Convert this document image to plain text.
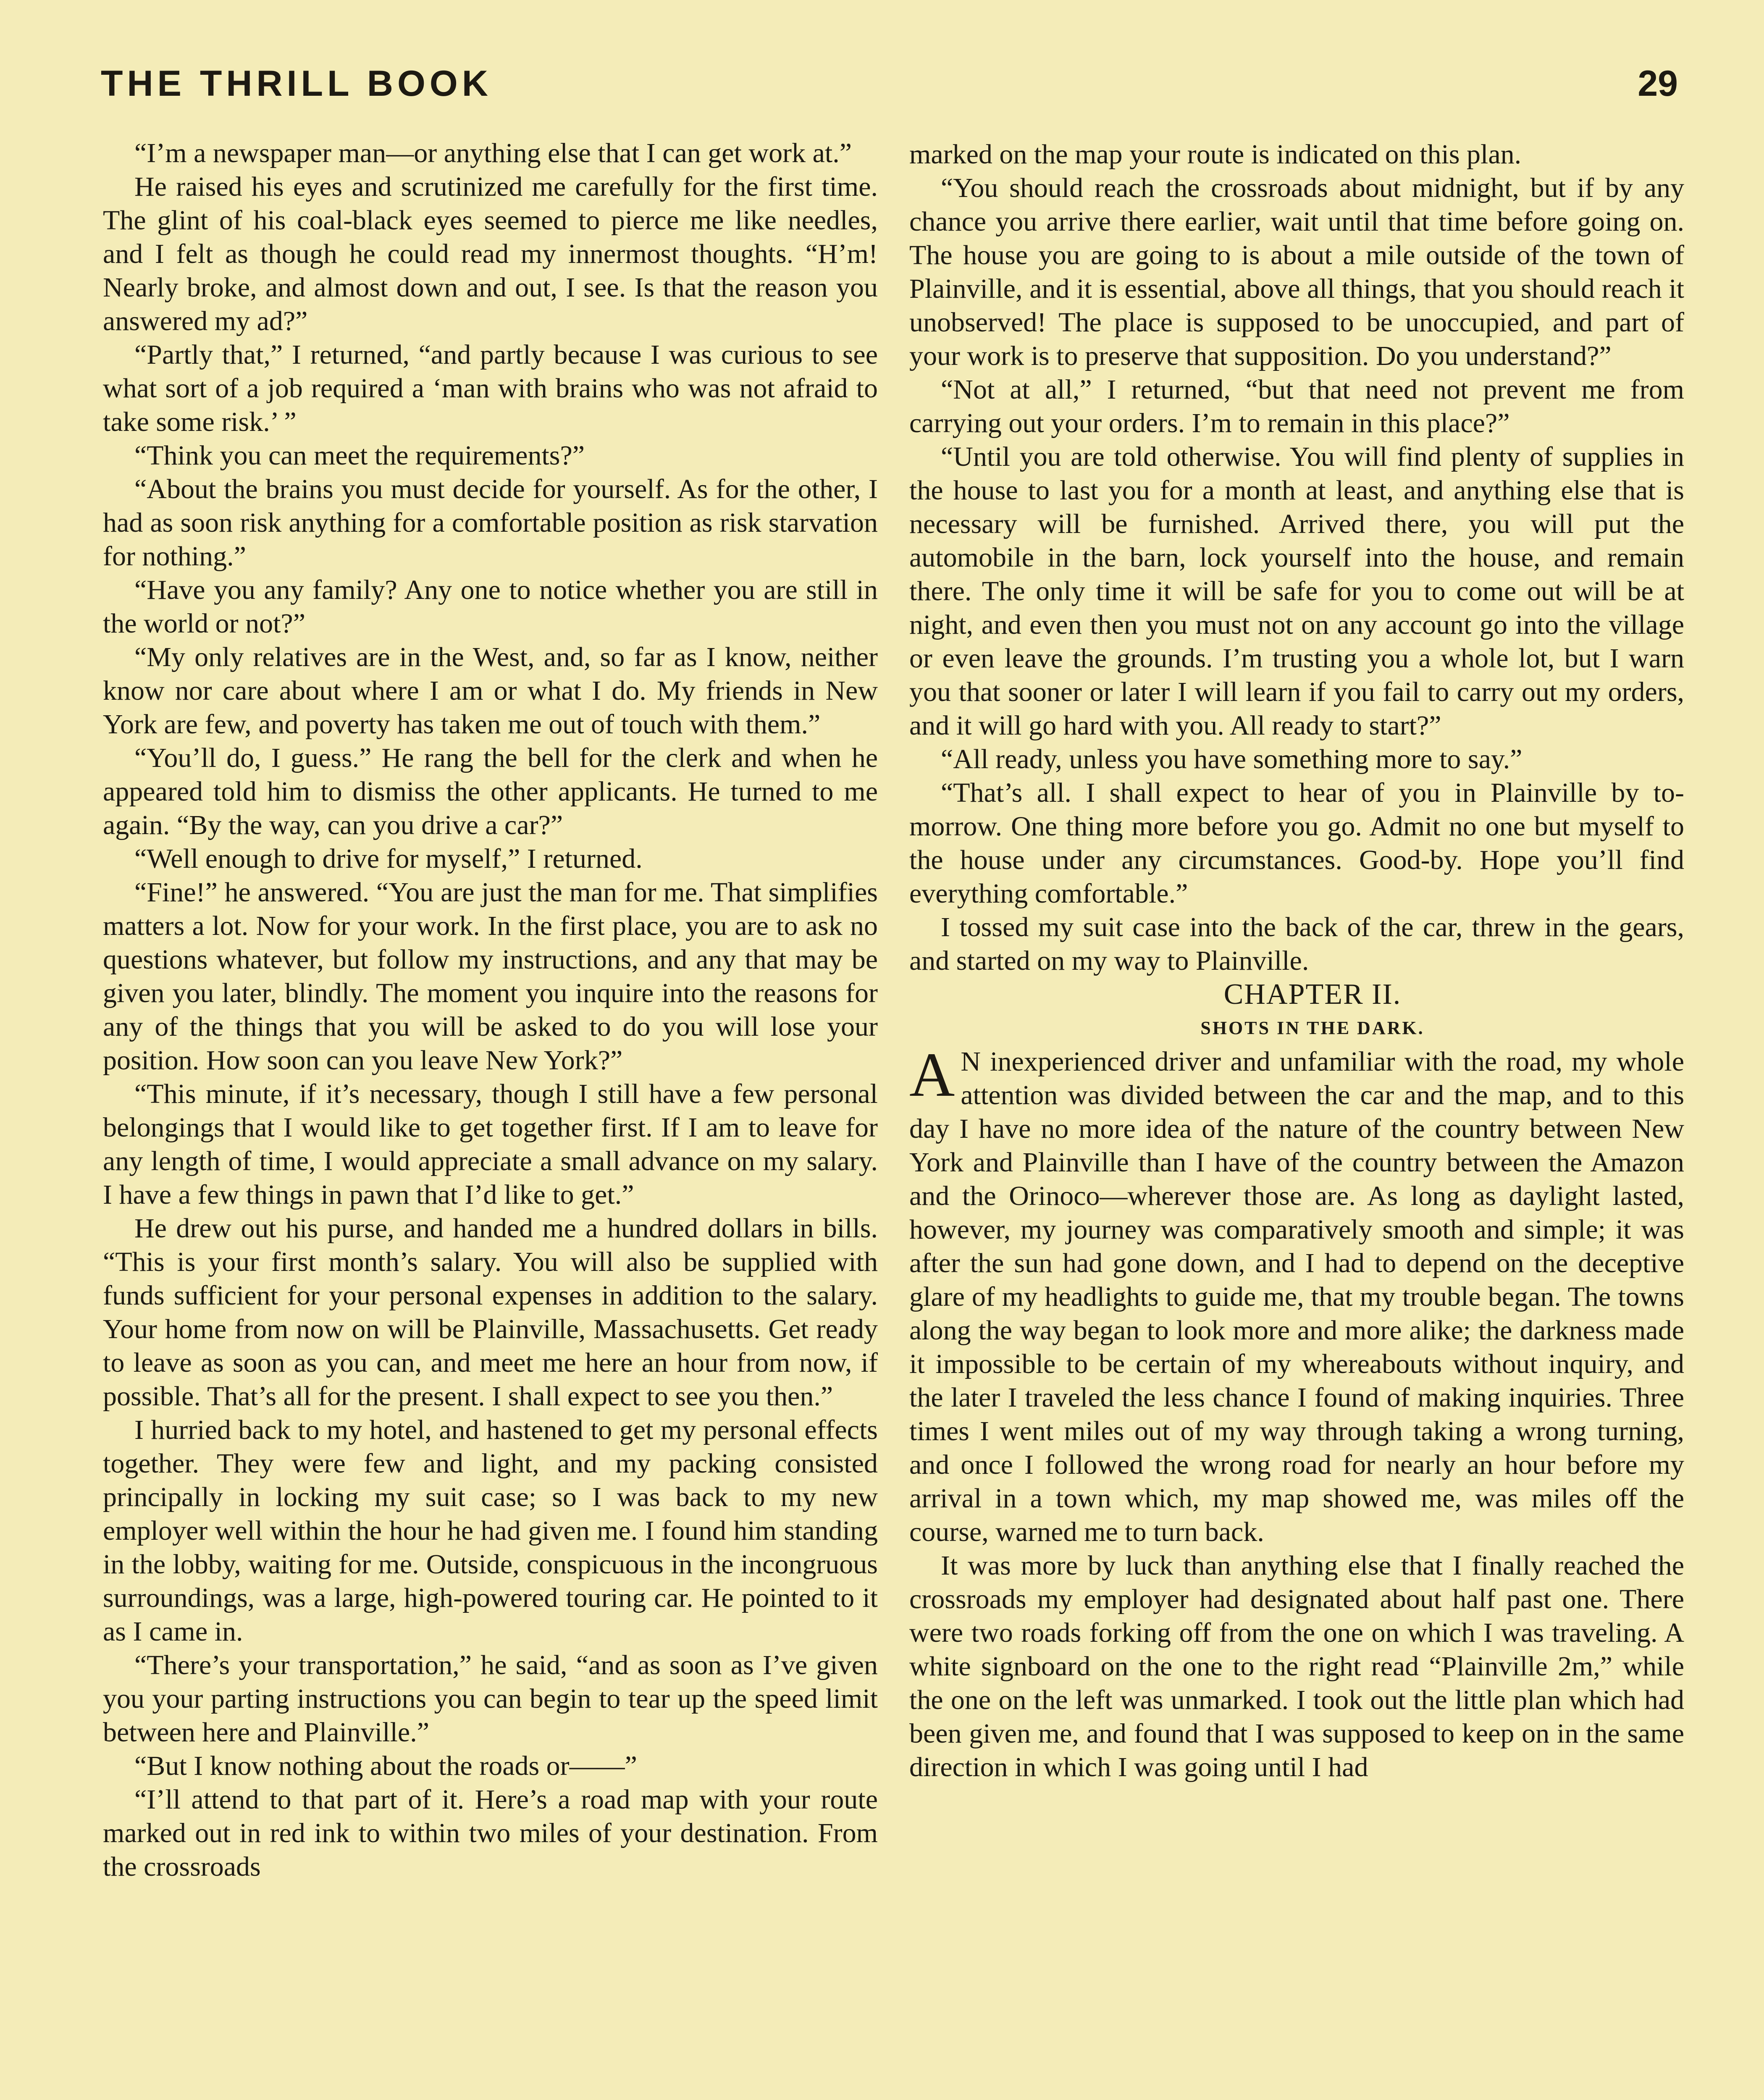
THE THRILL BOOK	29

“I’m a newspaper man—or anything else that I can get work at.”

He raised his eyes and scrutinized me carefully for the first time. The glint of his coal-black eyes seemed to pierce me like needles, and I felt as though he could read my innermost thoughts. “H’m! Nearly broke, and almost down and out, I see. Is that the reason you answered my ad?”

“Partly that,” I returned, “and partly because I was curious to see what sort of a job required a ‘man with brains who was not afraid to take some risk.’ ”

“Think you can meet the requirements?”

“About the brains you must decide for yourself. As for the other, I had as soon risk anything for a comfortable position as risk starvation for nothing.”

“Have you any family? Any one to notice whether you are still in the world or not?”

“My only relatives are in the West, and, so far as I know, neither know nor care about where I am or what I do. My friends in New York are few, and poverty has taken me out of touch with them.”

“You’ll do, I guess.” He rang the bell for the clerk and when he appeared told him to dismiss the other applicants. He turned to me again. “By the way, can you drive a car?”

“Well enough to drive for myself,” I returned.

“Fine!” he answered. “You are just the man for me. That simplifies matters a lot. Now for your work. In the first place, you are to ask no questions whatever, but follow my instructions, and any that may be given you later, blindly. The moment you inquire into the reasons for any of the things that you will be asked to do you will lose your position. How soon can you leave New York?”

“This minute, if it’s necessary, though I still have a few personal belongings that I would like to get together first. If I am to leave for any length of time, I would appreciate a small advance on my salary. I have a few things in pawn that I’d like to get.”

He drew out his purse, and handed me a hundred dollars in bills. “This is your first month’s salary. You will also be supplied with funds sufficient for your personal expenses in addition to the salary. Your home from now on will be Plainville, Massachusetts. Get ready to leave as soon as you can, and meet me here an hour from now, if possible. That’s all for the present. I shall expect to see you then.”

I hurried back to my hotel, and hastened to get my personal effects together. They were few and light, and my packing consisted principally in locking my suit case; so I was back to my new employer well within the hour he had given me. I found him standing in the lobby, waiting for me. Outside, conspicuous in the incongruous surroundings, was a large, high-powered touring car. He pointed to it as I came in.

“There’s your transportation,” he said, “and as soon as I’ve given you your parting instructions you can begin to tear up the speed limit between here and Plainville.”

“But I know nothing about the roads or——”

“I’ll attend to that part of it. Here’s a road map with your route marked out in red ink to within two miles of your destination. From the crossroads

marked on the map your route is indicated on this plan.

“You should reach the crossroads about midnight, but if by any chance you arrive there earlier, wait until that time before going on. The house you are going to is about a mile outside of the town of Plainville, and it is essential, above all things, that you should reach it unobserved! The place is supposed to be unoccupied, and part of your work is to preserve that supposition. Do you understand?”

“Not at all,” I returned, “but that need not prevent me from carrying out your orders. I’m to remain in this place?”

“Until you are told otherwise. You will find plenty of supplies in the house to last you for a month at least, and anything else that is necessary will be furnished. Arrived there, you will put the automobile in the barn, lock yourself into the house, and remain there. The only time it will be safe for you to come out will be at night, and even then you must not on any account go into the village or even leave the grounds. I’m trusting you a whole lot, but I warn you that sooner or later I will learn if you fail to carry out my orders, and it will go hard with you. All ready to start?”

“All ready, unless you have something more to say.”

“That’s all. I shall expect to hear of you in Plainville by to-morrow. One thing more before you go. Admit no one but myself to the house under any circumstances. Good-by. Hope you’ll find everything comfortable.”

I tossed my suit case into the back of the car, threw in the gears, and started on my way to Plainville.

CHAPTER II.

SHOTS IN THE DARK.

A N inexperienced driver and unfamiliar with the road, my whole attention was divided between the car and the map, and to this day I have no more idea of the nature of the country between New York and Plainville than I have of the country between the Amazon and the Orinoco—wherever those are. As long as daylight lasted, however, my journey was comparatively smooth and simple; it was after the sun had gone down, and I had to depend on the deceptive glare of my headlights to guide me, that my trouble began. The towns along the way began to look more and more alike; the darkness made it impossible to be certain of my whereabouts without inquiry, and the later I traveled the less chance I found of making inquiries. Three times I went miles out of my way through taking a wrong turning, and once I followed the wrong road for nearly an hour before my arrival in a town which, my map showed me, was miles off the course, warned me to turn back.

It was more by luck than anything else that I finally reached the crossroads my employer had designated about half past one. There were two roads forking off from the one on which I was traveling. A white signboard on the one to the right read “Plainville 2m,” while the one on the left was unmarked. I took out the little plan which had been given me, and found that I was supposed to keep on in the same direction in which I was going until I had
